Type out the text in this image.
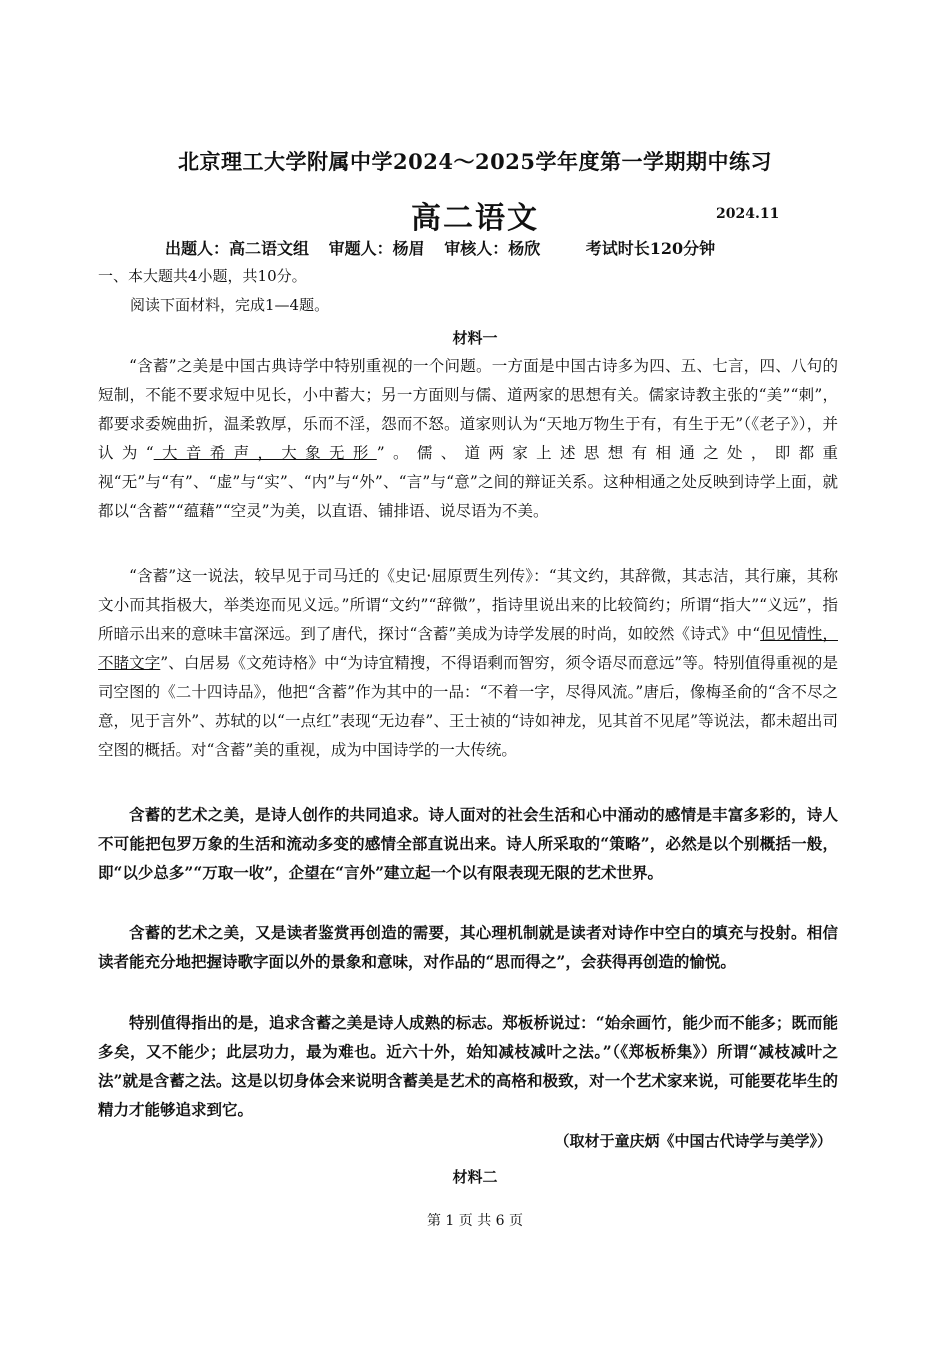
北京理工大学附属中学2024～2025学年度第一学期期中练习
高二语文	2024.11
出题人：高二语文组 审题人：杨眉 审核人：杨欣	考试时长120分钟
一、本大题共4小题，共10分。
阅读下面材料，完成1—4题。
材料一

“含蓄”之美是中国古典诗学中特别重视的一个问题。一方面是中国古诗多为四、五、七言，四、八句的短制，不能不要求短中见长，小中蓄大；另一方面则与儒、道两家的思想有关。儒家诗教主张的“美”“刺”，都要求委婉曲折，温柔敦厚，乐而不淫，怨而不怒。道家则认为“天地万物生于有，有生于无”（《老子》），并认为“大音希声，大象无形”。儒、道两家上述思想有相通之处，即都重视“无”与“有”、“虚”与“实”、“内”与“外”、“言”与“意”之间的辩证关系。这种相通之处反映到诗学上面，就都以“含蓄”“蕴藉”“空灵”为美，以直语、铺排语、说尽语为不美。

“含蓄”这一说法，较早见于司马迁的《史记·屈原贾生列传》：“其文约，其辞微，其志洁，其行廉，其称文小而其指极大，举类迩而见义远。”所谓“文约”“辞微”，指诗里说出来的比较简约；所谓“指大”“义远”，指所暗示出来的意味丰富深远。到了唐代，探讨“含蓄”美成为诗学发展的时尚，如皎然《诗式》中“但见情性，不睹文字”、白居易《文苑诗格》中“为诗宜精搜，不得语剩而智穷，须令语尽而意远”等。特别值得重视的是司空图的《二十四诗品》，他把“含蓄”作为其中的一品：“不着一字，尽得风流。”唐后，像梅圣俞的“含不尽之意，见于言外”、苏轼的以“一点红”表现“无边春”、王士祯的“诗如神龙，见其首不见尾”等说法，都未超出司空图的概括。对“含蓄”美的重视，成为中国诗学的一大传统。

含蓄的艺术之美，是诗人创作的共同追求。诗人面对的社会生活和心中涌动的感情是丰富多彩的，诗人不可能把包罗万象的生活和流动多变的感情全部直说出来。诗人所采取的“策略”，必然是以个别概括一般，即“以少总多”“万取一收”，企望在“言外”建立起一个以有限表现无限的艺术世界。

含蓄的艺术之美，又是读者鉴赏再创造的需要，其心理机制就是读者对诗作中空白的填充与投射。相信读者能充分地把握诗歌字面以外的景象和意味，对作品的“思而得之”，会获得再创造的愉悦。

特别值得指出的是，追求含蓄之美是诗人成熟的标志。郑板桥说过：“始余画竹，能少而不能多；既而能多矣，又不能少；此层功力，最为难也。近六十外，始知减枝减叶之法。”（《郑板桥集》）所谓“减枝减叶之法”就是含蓄之法。这是以切身体会来说明含蓄美是艺术的高格和极致，对一个艺术家来说，可能要花毕生的精力才能够追求到它。

（取材于童庆炳《中国古代诗学与美学》）
材料二
第 1 页 共 6 页
